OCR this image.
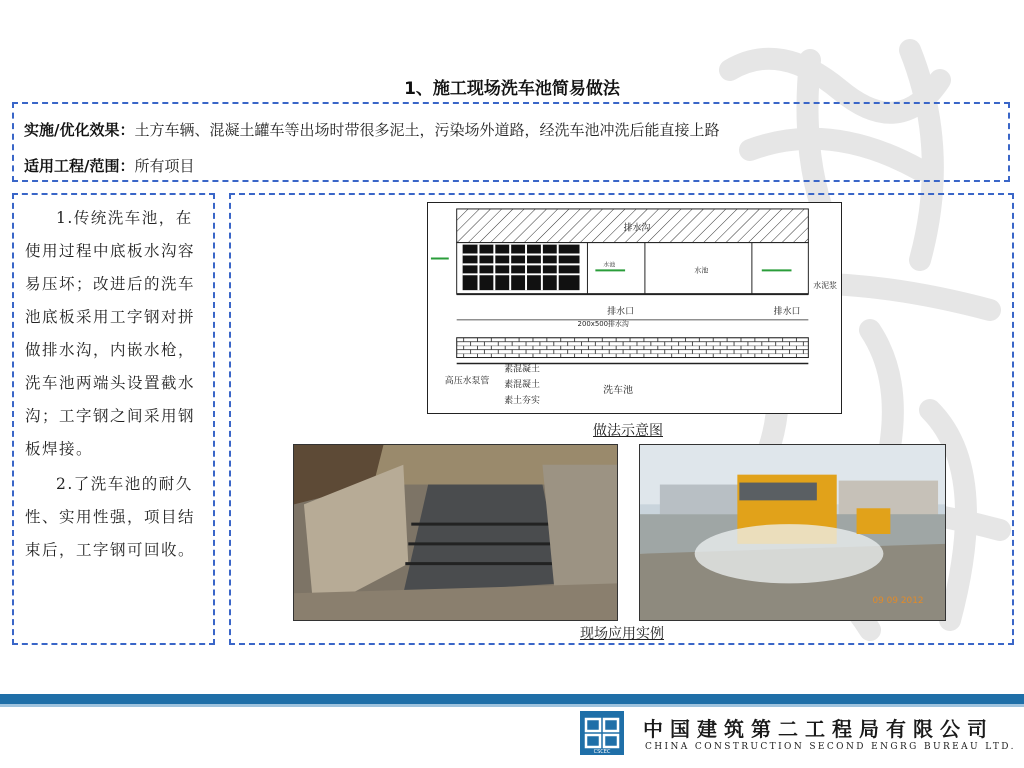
1、施工现场洗车池简易做法
实施/优化效果：土方车辆、混凝土罐车等出场时带很多泥土，污染场外道路，经洗车池冲洗后能直接上路
适用工程/范围：所有项目

1.传统洗车池，在使用过程中底板水沟容易压坏；改进后的洗车池底板采用工字钢对拼做排水沟，内嵌水枪，洗车池两端头设置截水沟；工字钢之间采用钢板焊接。

2.了洗车池的耐久性、实用性强，项目结束后，工字钢可回收。

排水沟
水池
水池
200x500排水沟
排水口	排水口
水泥浆
高压水泵管
素混凝土
素混凝土
素土夯实
洗车池
做法示意图
09 09 2012
现场应用实例
CSCEC
中国建筑第二工程局有限公司
CHINA CONSTRUCTION SECOND ENGRG BUREAU LTD.
